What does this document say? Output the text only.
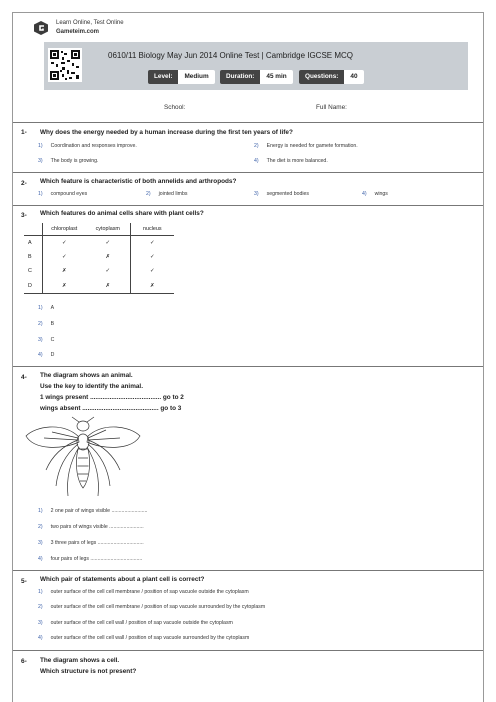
Learn Online, Test Online
Gameteim.com
0610/11 Biology May Jun 2014 Online Test | Cambridge IGCSE MCQ
Level:	Medium	Duration:	45 min	Questions:	40
School:	Full Name:
1- Why does the energy needed by a human increase during the first ten years of life?
1) Coordination and responses improve.	2) Energy is needed for gamete formation.
3) The body is growing.	4) The diet is more balanced.
2- Which feature is characteristic of both annelids and arthropods?
1) compound eyes	2) jointed limbs	3) segmented bodies	4) wings
3- Which features do animal cells share with plant cells?
	chloroplast	cytoplasm	nucleus
A	✓	✓	✓
B	✓	✗	✓
C	✗	✓	✓
D	✗	✗	✗
1) A
2) B
3) C
4) D
4- The diagram shows an animal.
Use the key to identify the animal.
1 wings present ........................................ go to 2
wings absent ........................................... go to 3
1) 2 one pair of wings visible .........................
2) two pairs of wings visible ........................
3) 3 three pairs of legs ................................
4) four pairs of legs ....................................
5- Which pair of statements about a plant cell is correct?
1) outer surface of the cell cell membrane / position of sap vacuole outside the cytoplasm
2) outer surface of the cell cell membrane / position of sap vacuole surrounded by the cytoplasm
3) outer surface of the cell cell wall / position of sap vacuole outside the cytoplasm
4) outer surface of the cell cell wall / position of sap vacuole surrounded by the cytoplasm
6- The diagram shows a cell.
Which structure is not present?
